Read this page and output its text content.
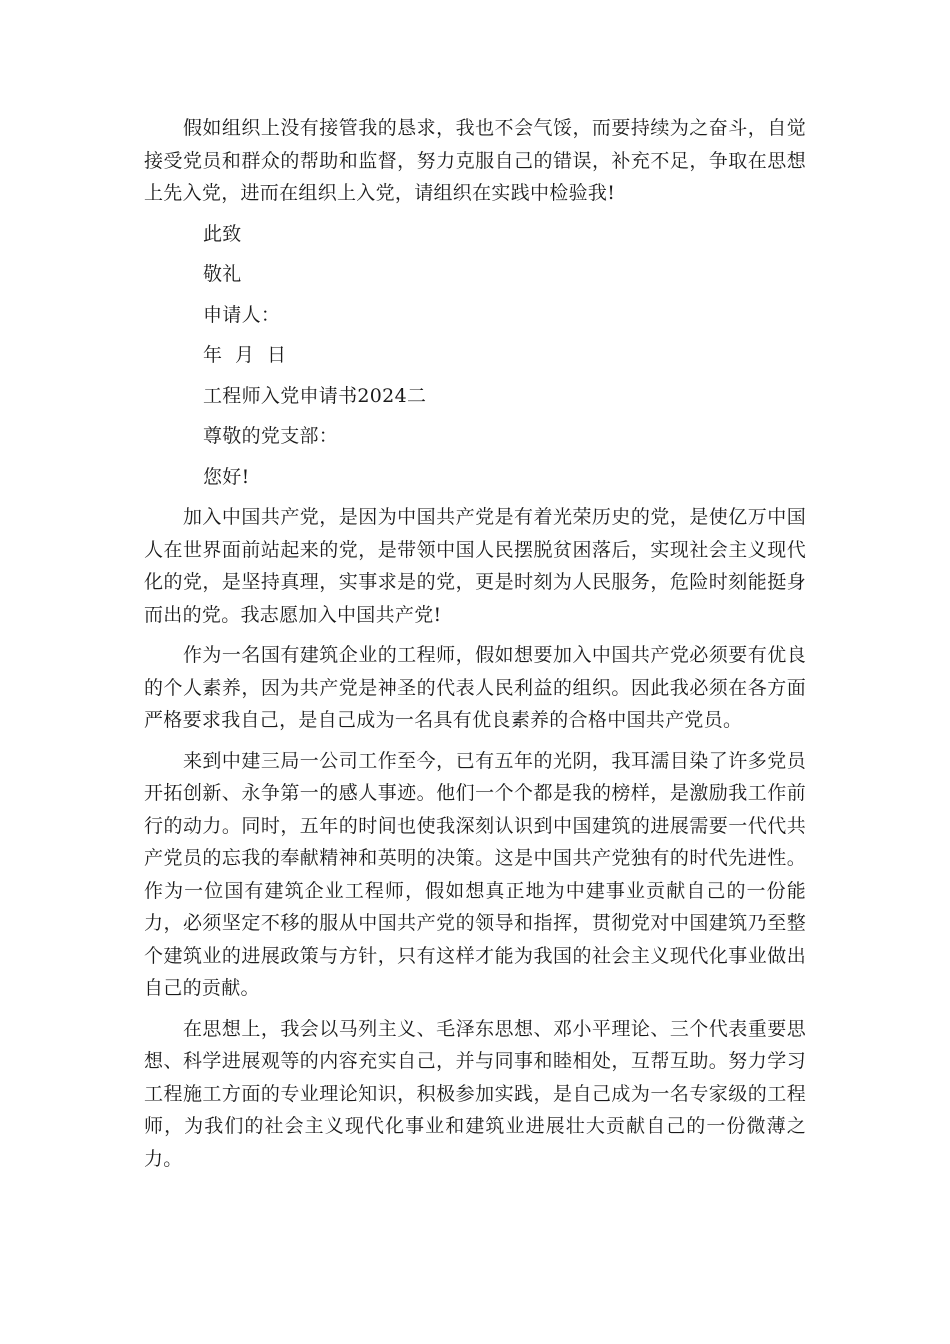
假如组织上没有接管我的恳求，我也不会气馁，而要持续为之奋斗，自觉接受党员和群众的帮助和监督，努力克服自己的错误，补充不足，争取在思想上先入党，进而在组织上入党，请组织在实践中检验我!

此致

敬礼

申请人：

年  月  日

工程师入党申请书2024二

尊敬的党支部：

您好!

加入中国共产党，是因为中国共产党是有着光荣历史的党，是使亿万中国人在世界面前站起来的党，是带领中国人民摆脱贫困落后，实现社会主义现代化的党，是坚持真理，实事求是的党，更是时刻为人民服务，危险时刻能挺身而出的党。我志愿加入中国共产党!

作为一名国有建筑企业的工程师，假如想要加入中国共产党必须要有优良的个人素养，因为共产党是神圣的代表人民利益的组织。因此我必须在各方面严格要求我自己，是自己成为一名具有优良素养的合格中国共产党员。

来到中建三局一公司工作至今，已有五年的光阴，我耳濡目染了许多党员开拓创新、永争第一的感人事迹。他们一个个都是我的榜样，是激励我工作前行的动力。同时，五年的时间也使我深刻认识到中国建筑的进展需要一代代共产党员的忘我的奉献精神和英明的决策。这是中国共产党独有的时代先进性。作为一位国有建筑企业工程师，假如想真正地为中建事业贡献自己的一份能力，必须坚定不移的服从中国共产党的领导和指挥，贯彻党对中国建筑乃至整个建筑业的进展政策与方针，只有这样才能为我国的社会主义现代化事业做出自己的贡献。

在思想上，我会以马列主义、毛泽东思想、邓小平理论、三个代表重要思想、科学进展观等的内容充实自己，并与同事和睦相处，互帮互助。努力学习工程施工方面的专业理论知识，积极参加实践，是自己成为一名专家级的工程师，为我们的社会主义现代化事业和建筑业进展壮大贡献自己的一份微薄之力。
